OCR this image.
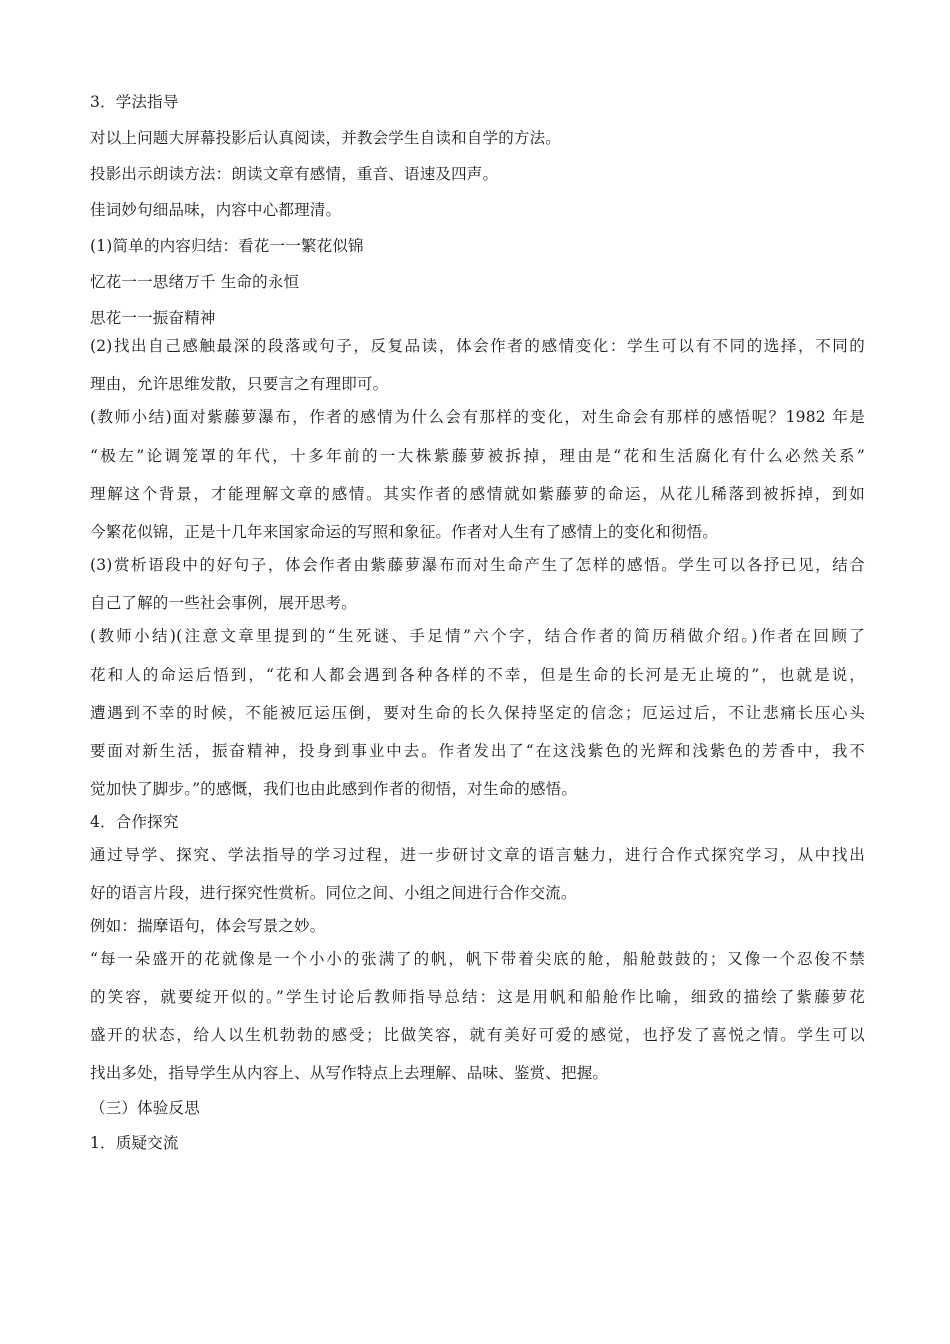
3．学法指导
对以上问题大屏幕投影后认真阅读，并教会学生自读和自学的方法。
投影出示朗读方法：朗读文章有感情，重音、语速及四声。
佳词妙句细品味，内容中心都理清。
(1)简单的内容归结：看花一一繁花似锦
忆花一一思绪万千 生命的永恒
思花一一振奋精神
(2)找出自己感触最深的段落或句子，反复品读，体会作者的感情变化：学生可以有不同的选择，不同的
理由，允许思维发散，只要言之有理即可。
(教师小结)面对紫藤萝瀑布，作者的感情为什么会有那样的变化，对生命会有那样的感悟呢？1982 年是
“极左”论调笼罩的年代，十多年前的一大株紫藤萝被拆掉，理由是“花和生活腐化有什么必然关系”
理解这个背景，才能理解文章的感情。其实作者的感情就如紫藤萝的命运，从花儿稀落到被拆掉，到如
今繁花似锦，正是十几年来国家命运的写照和象征。作者对人生有了感情上的变化和彻悟。
(3)赏析语段中的好句子，体会作者由紫藤萝瀑布而对生命产生了怎样的感悟。学生可以各抒已见，结合
自己了解的一些社会事例，展开思考。
(教师小结)(注意文章里提到的“生死谜、手足情”六个字，结合作者的简历稍做介绍。)作者在回顾了
花和人的命运后悟到，“花和人都会遇到各种各样的不幸，但是生命的长河是无止境的”，也就是说，
遭遇到不幸的时候，不能被厄运压倒，要对生命的长久保持坚定的信念；厄运过后，不让悲痛长压心头
要面对新生活，振奋精神，投身到事业中去。作者发出了“在这浅紫色的光辉和浅紫色的芳香中，我不
觉加快了脚步。”的感慨，我们也由此感到作者的彻悟，对生命的感悟。
4．合作探究
通过导学、探究、学法指导的学习过程，进一步研讨文章的语言魅力，进行合作式探究学习，从中找出
好的语言片段，进行探究性赏析。同位之间、小组之间进行合作交流。
例如：揣摩语句，体会写景之妙。
“每一朵盛开的花就像是一个小小的张满了的帆，帆下带着尖底的舱，船舱鼓鼓的；又像一个忍俊不禁
的笑容，就要绽开似的。”学生讨论后教师指导总结：这是用帆和船舱作比喻，细致的描绘了紫藤萝花
盛开的状态，给人以生机勃勃的感受；比做笑容，就有美好可爱的感觉，也抒发了喜悦之情。学生可以
找出多处，指导学生从内容上、从写作特点上去理解、品味、鉴赏、把握。
（三）体验反思
1．质疑交流
